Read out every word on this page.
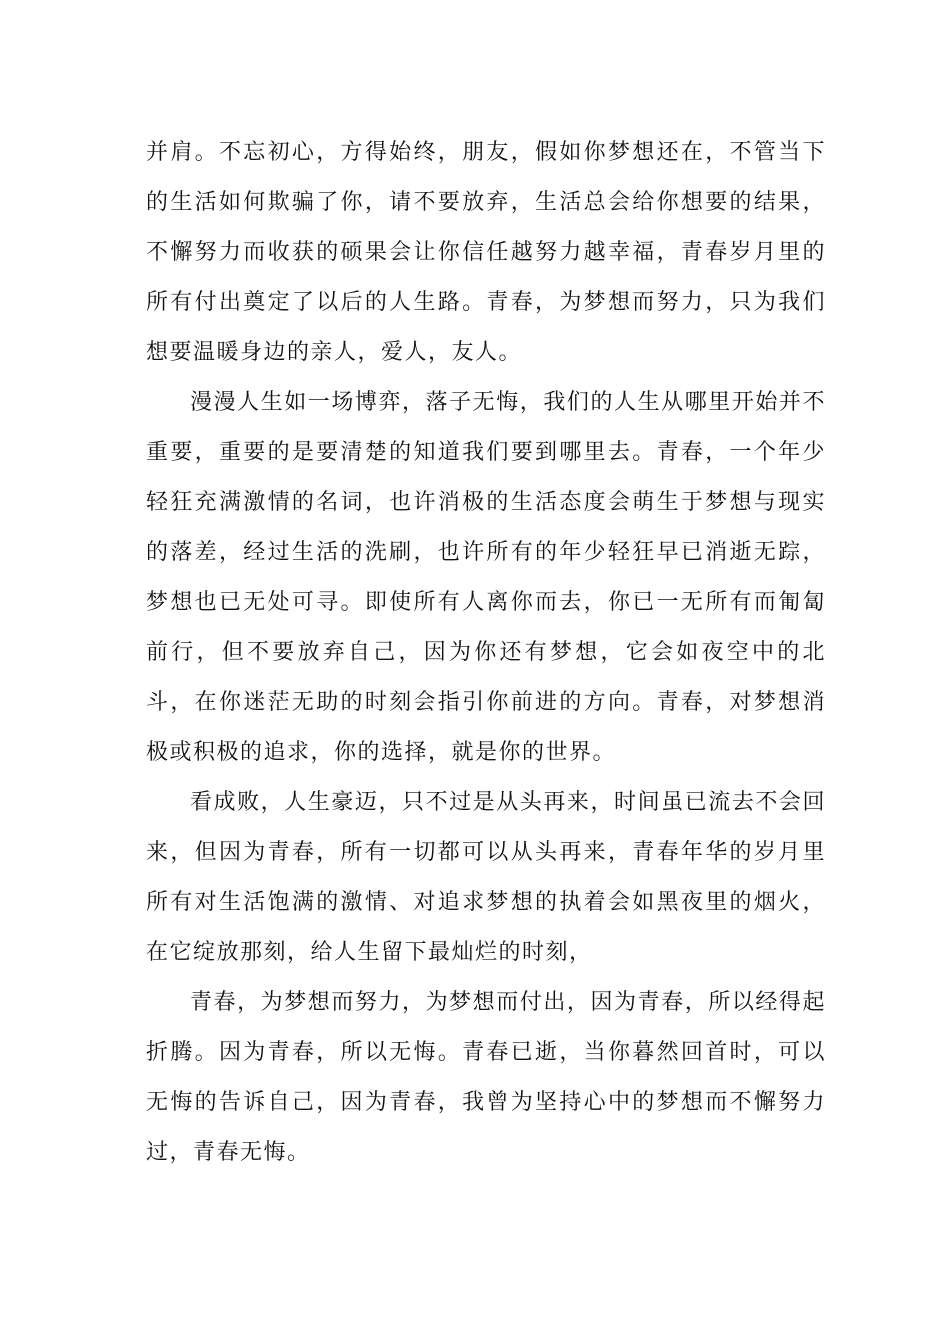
并肩。不忘初心，方得始终，朋友，假如你梦想还在，不管当下的生活如何欺骗了你，请不要放弃，生活总会给你想要的结果，不懈努力而收获的硕果会让你信任越努力越幸福，青春岁月里的所有付出奠定了以后的人生路。青春，为梦想而努力，只为我们想要温暖身边的亲人，爱人，友人。

漫漫人生如一场博弈，落子无悔，我们的人生从哪里开始并不重要，重要的是要清楚的知道我们要到哪里去。青春，一个年少轻狂充满激情的名词，也许消极的生活态度会萌生于梦想与现实的落差，经过生活的洗刷，也许所有的年少轻狂早已消逝无踪，梦想也已无处可寻。即使所有人离你而去，你已一无所有而匍匐前行，但不要放弃自己，因为你还有梦想，它会如夜空中的北斗，在你迷茫无助的时刻会指引你前进的方向。青春，对梦想消极或积极的追求，你的选择，就是你的世界。

看成败，人生豪迈，只不过是从头再来，时间虽已流去不会回来，但因为青春，所有一切都可以从头再来，青春年华的岁月里所有对生活饱满的激情、对追求梦想的执着会如黑夜里的烟火，在它绽放那刻，给人生留下最灿烂的时刻，

青春，为梦想而努力，为梦想而付出，因为青春，所以经得起折腾。因为青春，所以无悔。青春已逝，当你暮然回首时，可以无悔的告诉自己，因为青春，我曾为坚持心中的梦想而不懈努力过，青春无悔。
